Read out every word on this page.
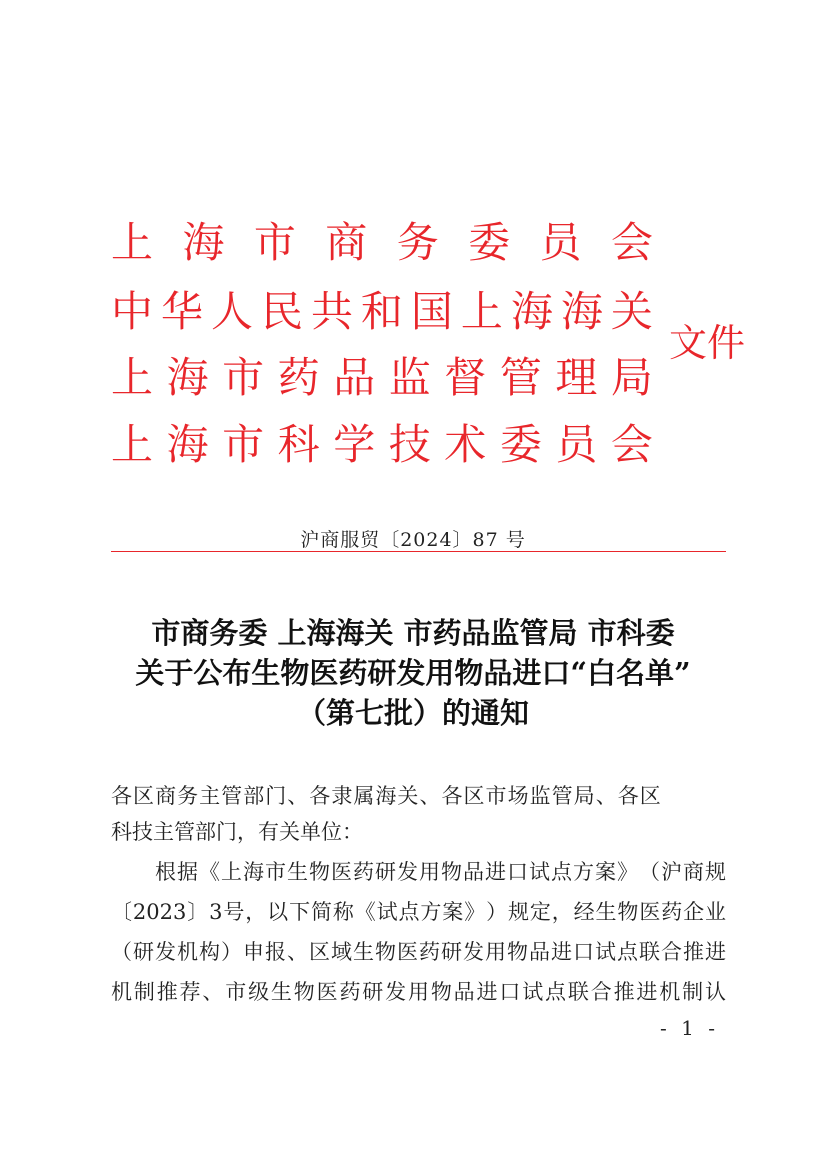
上 海 市 商 务 委 员 会
中 华 人 民 共 和 国 上 海 海 关
上 海 市 药 品 监 督 管 理 局
上 海 市 科 学 技 术 委 员 会
文件
沪商服贸〔2024〕87 号
市商务委 上海海关 市药品监管局 市科委
关于公布生物医药研发用物品进口“白名单”
（第七批）的通知
各 区 商 务 主 管 部 门 、 各 隶 属 海 关 、 各 区 市 场 监 管 局 、 各 区
科技主管部门，有关单位：
根 据 《 上 海 市 生 物 医 药 研 发 用 物 品 进 口 试 点 方 案 》 （ 沪 商 规
〔 2023 〕 3 号 ， 以 下 简 称 《 试 点 方 案 》 ） 规 定 ， 经 生 物 医 药 企 业
（ 研 发 机 构 ） 申 报 、 区 域 生 物 医 药 研 发 用 物 品 进 口 试 点 联 合 推 进
机 制 推 荐 、 市 级 生 物 医 药 研 发 用 物 品 进 口 试 点 联 合 推 进 机 制 认
- 1 -
